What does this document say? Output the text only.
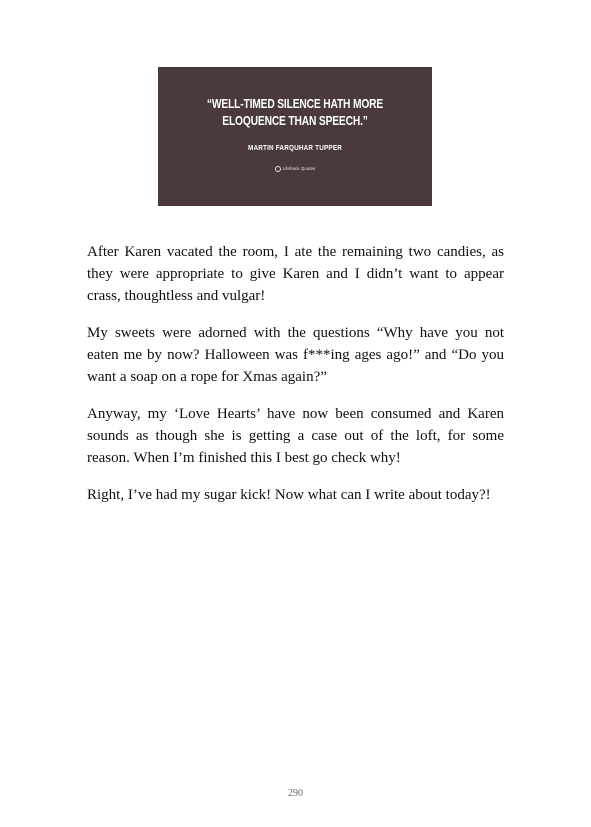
“WELL-TIMED SILENCE HATH MORE ELOQUENCE THAN SPEECH.”
MARTIN FARQUHAR TUPPER
Lifehack Quotes

After Karen vacated the room, I ate the remaining two candies, as they were appropriate to give Karen and I didn’t want to appear crass, thoughtless and vulgar!

My sweets were adorned with the questions “Why have you not eaten me by now? Halloween was f***ing ages ago!” and “Do you want a soap on a rope for Xmas again?”

Anyway, my ‘Love Hearts’ have now been consumed and Karen sounds as though she is getting a case out of the loft, for some reason. When I’m finished this I best go check why!

Right, I’ve had my sugar kick! Now what can I write about today?!

290
